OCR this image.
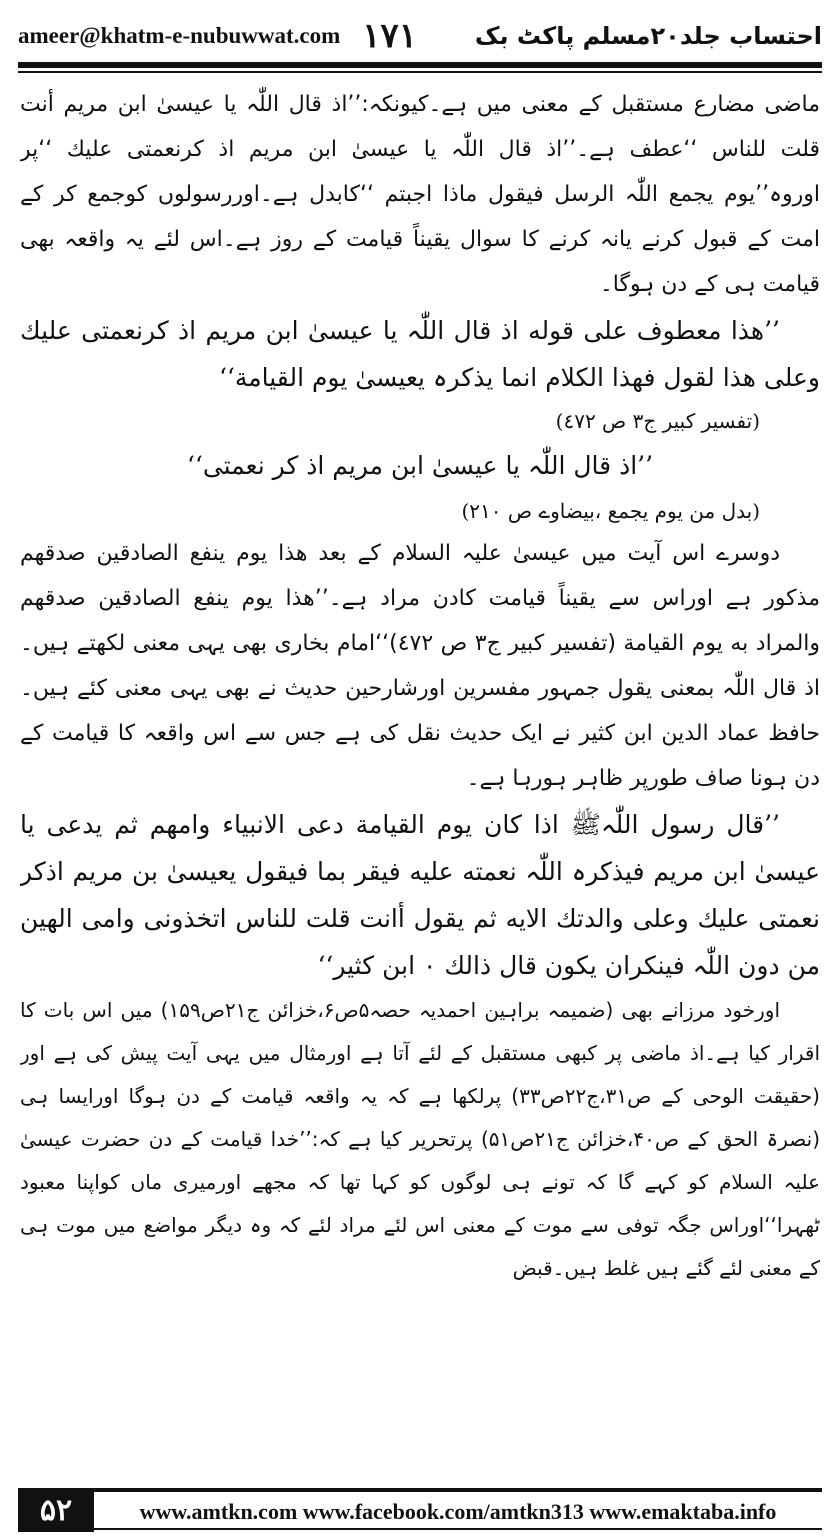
ameer@khatm-e-nubuwwat.com ۱۷۱ احتساب جلد۲۰مسلم پاکٹ بک

ماضی مضارع مستقبل کے معنی میں ہے۔کیونکہ:’’اذ قال اللّٰہ یا عیسیٰ ابن مریم أنت قلت للناس ‘‘عطف ہے۔’’اذ قال اللّٰہ یا عیسیٰ ابن مریم اذ کرنعمتی علیك ‘‘پر اوروہ’’یوم یجمع اللّٰہ الرسل فیقول ماذا اجبتم ‘‘کابدل ہے۔اوررسولوں کوجمع کر کے امت کے قبول کرنے یانہ کرنے کا سوال یقیناً قیامت کے روز ہے۔اس لئے یہ واقعہ بھی قیامت ہی کے دن ہوگا۔

’’ھذا معطوف علی قوله اذ قال اللّٰہ یا عیسیٰ ابن مریم اذ کرنعمتی علیك وعلی ھذا لقول فھذا الکلام انما یذکرہ یعیسیٰ یوم القیامة‘‘

(تفسیر کبیر ج۳ ص ٤٧٢)

’’اذ قال اللّٰہ یا عیسیٰ ابن مریم اذ کر نعمتی‘‘

(بدل من یوم یجمع ،بیضاوے ص ٢١٠)

دوسرے اس آیت میں عیسیٰ علیہ السلام کے بعد ھذا یوم ینفع الصادقین صدقھم مذکور ہے اوراس سے یقیناً قیامت کادن مراد ہے۔’’ھذا یوم ینفع الصادقین صدقھم والمراد به یوم القیامة (تفسیر کبیر ج۳ ص ٤٧٢)‘‘امام بخاری بھی یہی معنی لکھتے ہیں۔اذ قال اللّٰہ بمعنی یقول جمہور مفسرین اورشارحین حدیث نے بھی یہی معنی کئے ہیں۔ حافظ عماد الدین ابن کثیر نے ایک حدیث نقل کی ہے جس سے اس واقعہ کا قیامت کے دن ہونا صاف طورپر ظاہر ہورہا ہے۔

’’قال رسول اللّٰہﷺ اذا کان یوم القیامة دعی الانبیاء وامھم ثم یدعی یا عیسیٰ ابن مریم فیذکرہ اللّٰہ نعمته علیه فیقر بما فیقول یعیسیٰ بن مریم اذکر نعمتی علیك وعلی والدتك الایه ثم یقول أانت قلت للناس اتخذونی وامی الھین من دون اللّٰہ فینکران یکون قال ذالك ۰ ابن کثیر‘‘

اورخود مرزانے بھی (ضمیمہ براہین احمدیہ حصہ۵ص۶،خزائن ج۲۱ص۱۵۹) میں اس بات کا اقرار کیا ہے۔اذ ماضی پر کبھی مستقبل کے لئے آتا ہے اورمثال میں یہی آیت پیش کی ہے اور (حقیقت الوحی کے ص۳۱،ج۲۲ص۳۳) پرلکھا ہے کہ یہ واقعہ قیامت کے دن ہوگا اورایسا ہی (نصرۃ الحق کے ص۴۰،خزائن ج۲۱ص۵۱) پرتحریر کیا ہے کہ:’’خدا قیامت کے دن حضرت عیسیٰ علیہ السلام کو کہے گا کہ تونے ہی لوگوں کو کہا تھا کہ مجھے اورمیری ماں کواپنا معبود ٹھہرا‘‘اوراس جگہ توفی سے موت کے معنی اس لئے مراد لئے کہ وہ دیگر مواضع میں موت ہی کے معنی لئے گئے ہیں غلط ہیں۔قبض

۵۲	www.amtkn.com www.facebook.com/amtkn313 www.emaktaba.info
